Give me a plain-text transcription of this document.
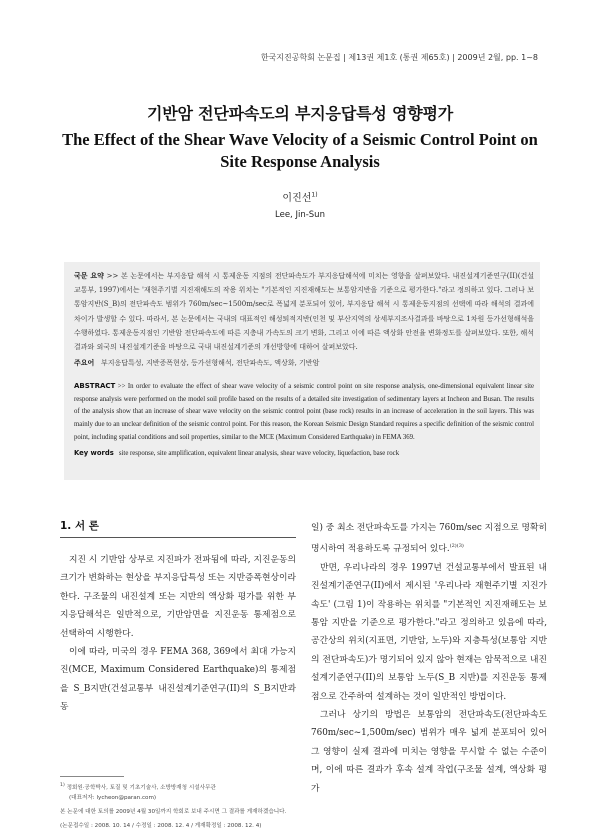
한국지진공학회 논문집 | 제13권 제1호 (통권 제65호) | 2009년 2월, pp. 1~8
기반암 전단파속도의 부지응답특성 영향평가
The Effect of the Shear Wave Velocity of a Seismic Control Point on Site Response Analysis
이진선$^{1)}$
Lee, Jin-Sun
국문 요약 >> 본 논문에서는 부지응답 해석 시 통제운동 지점의 전단파속도가 부지응답해석에 미치는 영향을 살펴보았다. 내진설계기준연구(II)(건설교통부, 1997)에서는 '재현주기별 지진재해도의 작용 위치는 "기본적인 지진재해도는 보통암지반을 기준으로 평가한다."라고 정의하고 있다. 그러나 보통암지반(S_B)의 전단파속도 범위가 760m/sec~1500m/sec로 폭넓게 분포되어 있어, 부지응답 해석 시 통제운동지점의 선택에 따라 해석의 결과에 차이가 발생할 수 있다. 따라서, 본 논문에서는 국내의 대표적인 해성퇴적지반(인천 및 부산지역의 상세부지조사결과를 바탕으로 1차원 등가선형해석을 수행하였다. 통제운동지점인 기반암 전단파속도에 따른 지층내 가속도의 크기 변화, 그리고 이에 따른 액상화 안전율 변화정도를 살펴보았다. 또한, 해석결과와 외국의 내진설계기준을 바탕으로 국내 내진설계기준의 개선방향에 대하여 살펴보았다.
주요어 부지응답특성, 지반증폭현상, 등가선형해석, 전단파속도, 액상화, 기반암
ABSTRACT >> In order to evaluate the effect of shear wave velocity of a seismic control point on site response analysis, one-dimensional equivalent linear site response analysis were performed on the model soil profile based on the results of a detailed site investigation of sedimentary layers at Incheon and Busan. The results of the analysis show that an increase of shear wave velocity on the seismic control point (base rock) results in an increase of acceleration in the soil layers. This was mainly due to an unclear definition of the seismic control point. For this reason, the Korean Seismic Design Standard requires a specific definition of the seismic control point, including spatial conditions and soil properties, similar to the MCE (Maximum Considered Earthquake) in FEMA 369.
Key words site response, site amplification, equivalent linear analysis, shear wave velocity, liquefaction, base rock
1. 서 론

지진 시 기반암 상부로 지진파가 전파됨에 따라, 지진운동의 크기가 변화하는 현상을 부지응답특성 또는 지반증폭현상이라 한다. 구조물의 내진설계 또는 지반의 액상화 평가를 위한 부지응답해석은 일반적으로, 기반암면을 지진운동 통제점으로 선택하여 시행한다.

이에 따라, 미국의 경우 FEMA 368, 369에서 최대 가능지진(MCE, Maximum Considered Earthquake)의 통제점을 S_B지반(건설교통부 내진설계기준연구(II)의 S_B지반과 동

일) 중 최소 전단파속도를 가지는 760m/sec 지점으로 명확히 명시하여 적용하도록 규정되어 있다.$^{(2)(3)}$

반면, 우리나라의 경우 1997년 건설교통부에서 발표된 내진설계기준연구(II)에서 제시된 '우리나라 재현주기별 지진가속도' (그림 1)이 작용하는 위치를 "기본적인 지진재해도는 보통암 지반을 기준으로 평가한다."라고 정의하고 있음에 따라, 공간상의 위치(지표면, 기반암, 노두)와 지층특성(보통암 지반의 전단파속도)가 명기되어 있지 않아 현재는 암묵적으로 내진설계기준연구(II)의 보통암 노두(S_B 지반)를 지진운동 통제점으로 간주하여 설계하는 것이 일반적인 방법이다.

그러나 상기의 방법은 보통암의 전단파속도(전단파속도 760m/sec~1,500m/sec) 범위가 매우 넓게 분포되어 있어 그 영향이 실제 결과에 미치는 영향을 무시할 수 없는 수준이며, 이에 따른 결과가 후속 설계 작업(구조물 설계, 액상화 평가

$^{1)}$ 정회원·공학박사, 토질 및 기초기술사, 소방방재청 시설사무관

(대표저자: lycheon@paran.com)

본 논문에 대한 토의를 2009년 4월 30일까지 학회로 보내 주시면 그 결과를 게재하겠습니다.

(논문접수일 : 2008. 10. 14 / 수정일 : 2008. 12. 4 / 게재확정일 : 2008. 12. 4)
